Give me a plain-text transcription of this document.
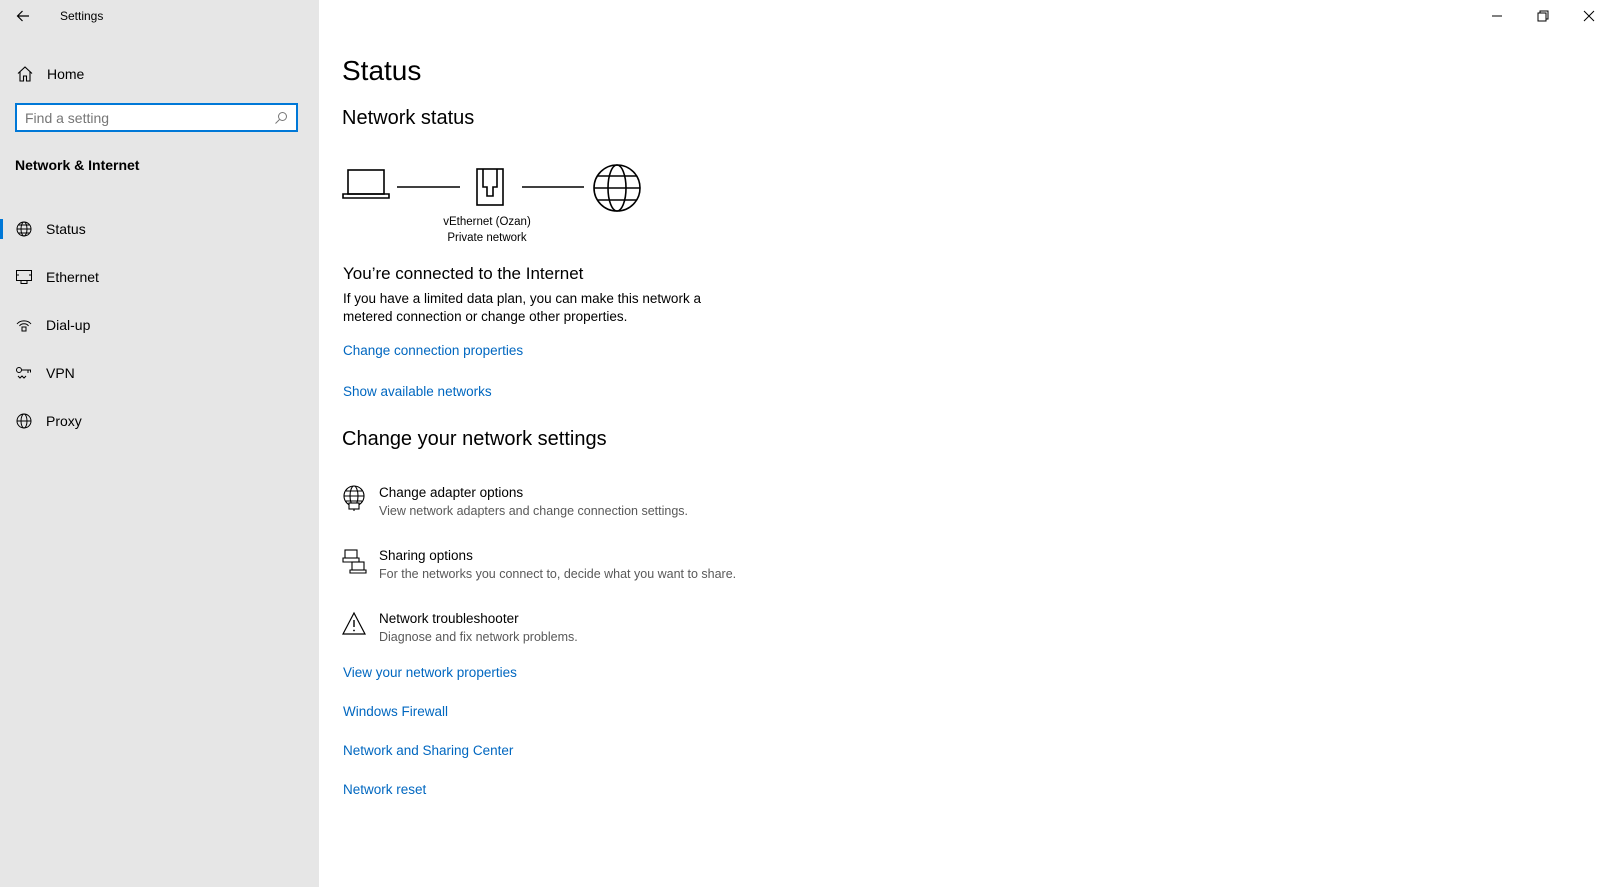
Settings
Home
Find a setting
Network & Internet
Status
Ethernet
Dial-up
VPN
Proxy
Status
Network status
vEthernet (Ozan)
Private network
You’re connected to the Internet
If you have a limited data plan, you can make this network a metered connection or change other properties.
Change connection properties
Show available networks
Change your network settings
Change adapter options
View network adapters and change connection settings.
Sharing options
For the networks you connect to, decide what you want to share.
Network troubleshooter
Diagnose and fix network problems.
View your network properties
Windows Firewall
Network and Sharing Center
Network reset
